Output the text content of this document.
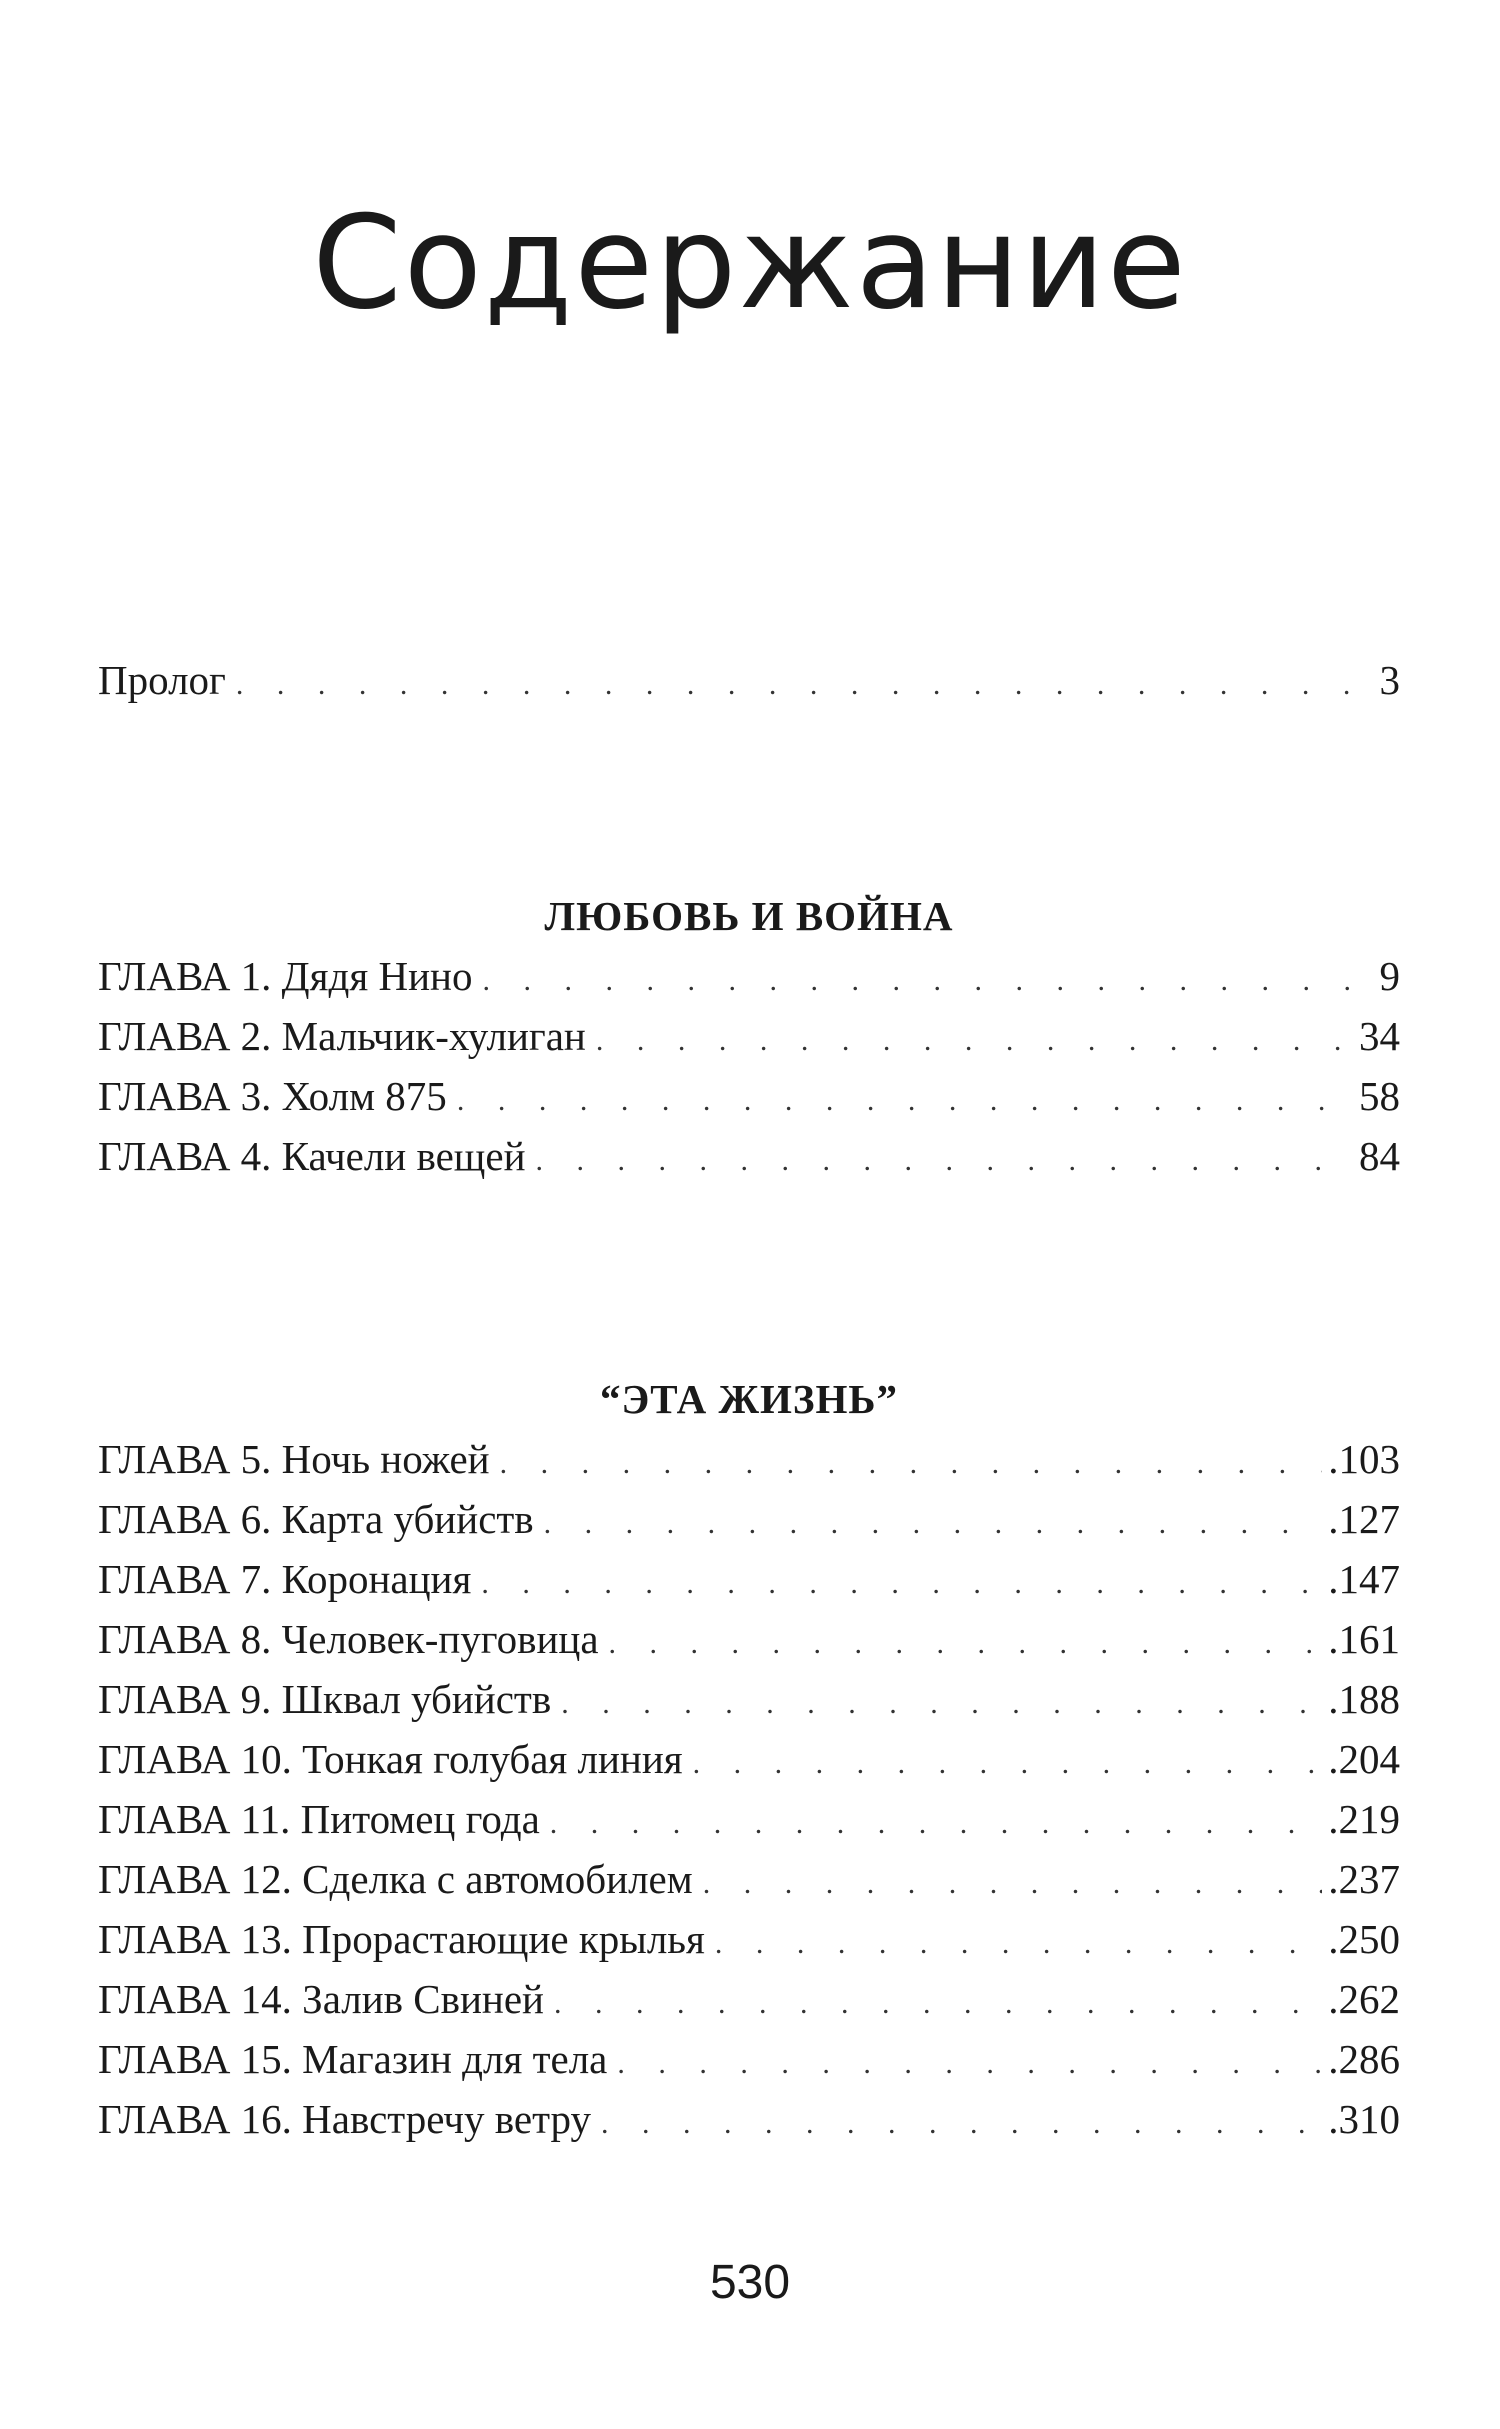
Содержание
Пролог . . .	3
ЛЮБОВЬ И ВОЙНА
ГЛАВА 1. Дядя Нино . . .	9
ГЛАВА 2. Мальчик-хулиган . . .	34
ГЛАВА 3. Холм 875 . . .	58
ГЛАВА 4. Качели вещей . . .	84
“ЭТА ЖИЗНЬ”
ГЛАВА 5. Ночь ножей . . .	.103
ГЛАВА 6. Карта убийств . . .	.127
ГЛАВА 7. Коронация . . .	.147
ГЛАВА 8. Человек-пуговица . . .	.161
ГЛАВА 9. Шквал убийств . . .	.188
ГЛАВА 10. Тонкая голубая линия . . .	.204
ГЛАВА 11. Питомец года . . .	.219
ГЛАВА 12. Сделка с автомобилем . . .	.237
ГЛАВА 13. Прорастающие крылья . . .	.250
ГЛАВА 14. Залив Свиней . . .	.262
ГЛАВА 15. Магазин для тела . . .	.286
ГЛАВА 16. Навстречу ветру . . .	.310
530
